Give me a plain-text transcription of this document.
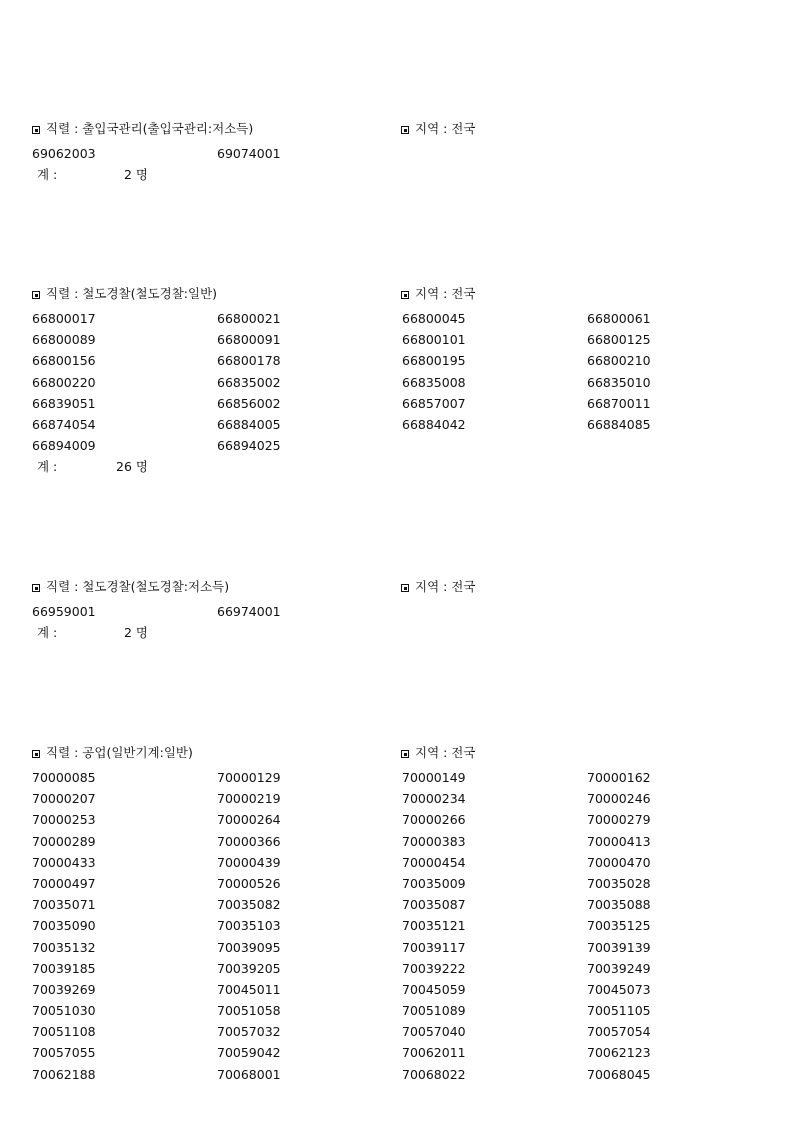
직렬 : 출입국관리(출입국관리:저소득)	지역 : 전국
69062003	69074001
계 :	2 명
직렬 : 철도경찰(철도경찰:일반)	지역 : 전국
66800017	66800021	66800045	66800061
66800089	66800091	66800101	66800125
66800156	66800178	66800195	66800210
66800220	66835002	66835008	66835010
66839051	66856002	66857007	66870011
66874054	66884005	66884042	66884085
66894009	66894025
계 :	26 명
직렬 : 철도경찰(철도경찰:저소득)	지역 : 전국
66959001	66974001
계 :	2 명
직렬 : 공업(일반기계:일반)	지역 : 전국
70000085	70000129	70000149	70000162
70000207	70000219	70000234	70000246
70000253	70000264	70000266	70000279
70000289	70000366	70000383	70000413
70000433	70000439	70000454	70000470
70000497	70000526	70035009	70035028
70035071	70035082	70035087	70035088
70035090	70035103	70035121	70035125
70035132	70039095	70039117	70039139
70039185	70039205	70039222	70039249
70039269	70045011	70045059	70045073
70051030	70051058	70051089	70051105
70051108	70057032	70057040	70057054
70057055	70059042	70062011	70062123
70062188	70068001	70068022	70068045
